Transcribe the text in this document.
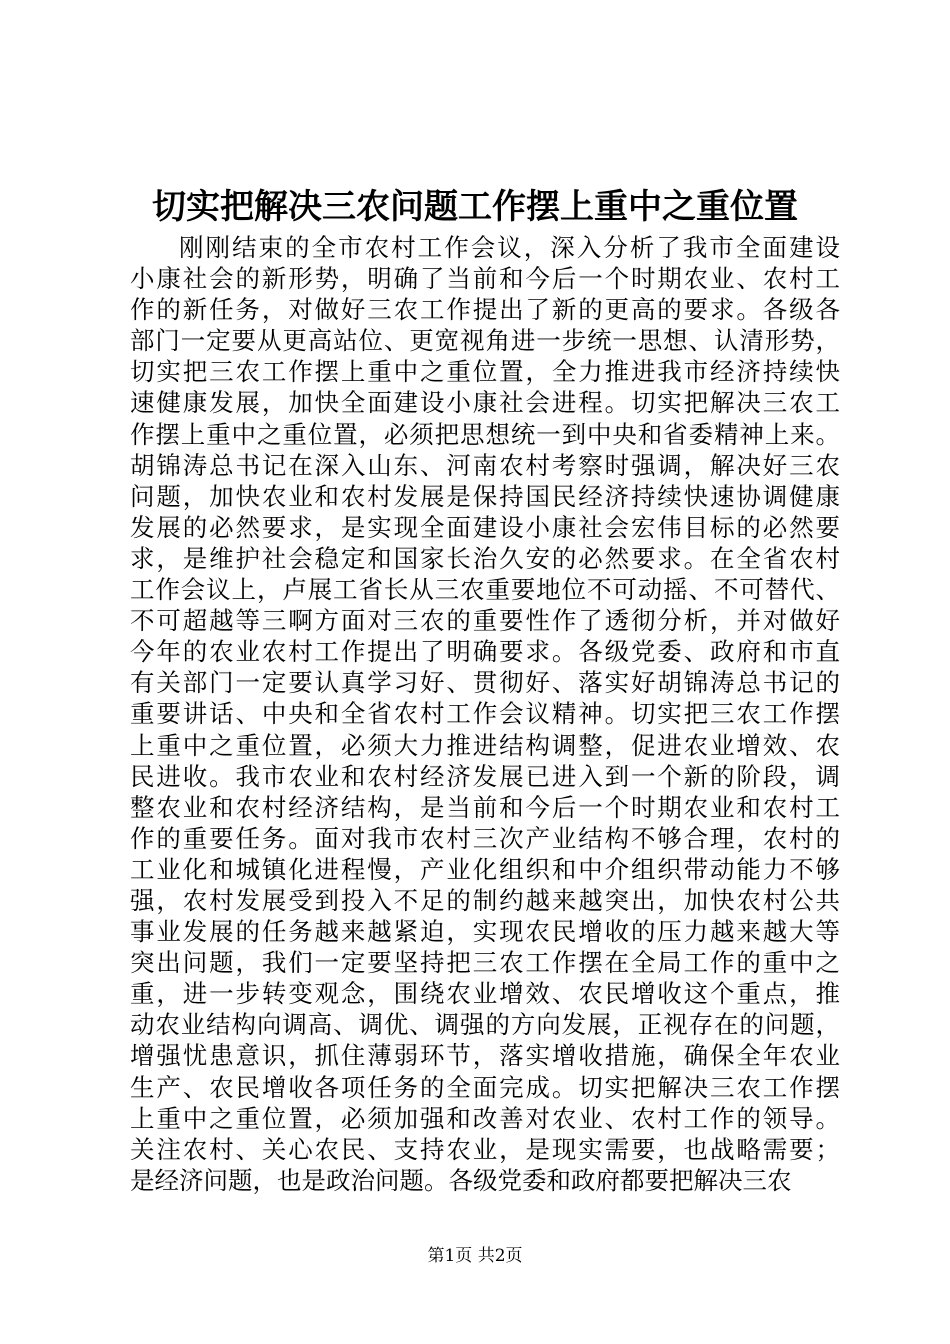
切实把解决三农问题工作摆上重中之重位置
刚刚结束的全市农村工作会议，深入分析了我市全面建设
小康社会的新形势，明确了当前和今后一个时期农业、农村工
作的新任务，对做好三农工作提出了新的更高的要求。各级各
部门一定要从更高站位、更宽视角进一步统一思想、认清形势，
切实把三农工作摆上重中之重位置，全力推进我市经济持续快
速健康发展，加快全面建设小康社会进程。切实把解决三农工
作摆上重中之重位置，必须把思想统一到中央和省委精神上来。
胡锦涛总书记在深入山东、河南农村考察时强调，解决好三农
问题，加快农业和农村发展是保持国民经济持续快速协调健康
发展的必然要求，是实现全面建设小康社会宏伟目标的必然要
求，是维护社会稳定和国家长治久安的必然要求。在全省农村
工作会议上，卢展工省长从三农重要地位不可动摇、不可替代、
不可超越等三啊方面对三农的重要性作了透彻分析，并对做好
今年的农业农村工作提出了明确要求。各级党委、政府和市直
有关部门一定要认真学习好、贯彻好、落实好胡锦涛总书记的
重要讲话、中央和全省农村工作会议精神。切实把三农工作摆
上重中之重位置，必须大力推进结构调整，促进农业增效、农
民进收。我市农业和农村经济发展已进入到一个新的阶段，调
整农业和农村经济结构，是当前和今后一个时期农业和农村工
作的重要任务。面对我市农村三次产业结构不够合理，农村的
工业化和城镇化进程慢，产业化组织和中介组织带动能力不够
强，农村发展受到投入不足的制约越来越突出，加快农村公共
事业发展的任务越来越紧迫，实现农民增收的压力越来越大等
突出问题，我们一定要坚持把三农工作摆在全局工作的重中之
重，进一步转变观念，围绕农业增效、农民增收这个重点，推
动农业结构向调高、调优、调强的方向发展，正视存在的问题，
增强忧患意识，抓住薄弱环节，落实增收措施，确保全年农业
生产、农民增收各项任务的全面完成。切实把解决三农工作摆
上重中之重位置，必须加强和改善对农业、农村工作的领导。
关注农村、关心农民、支持农业，是现实需要，也战略需要；
是经济问题，也是政治问题。各级党委和政府都要把解决三农
第1页 共2页
